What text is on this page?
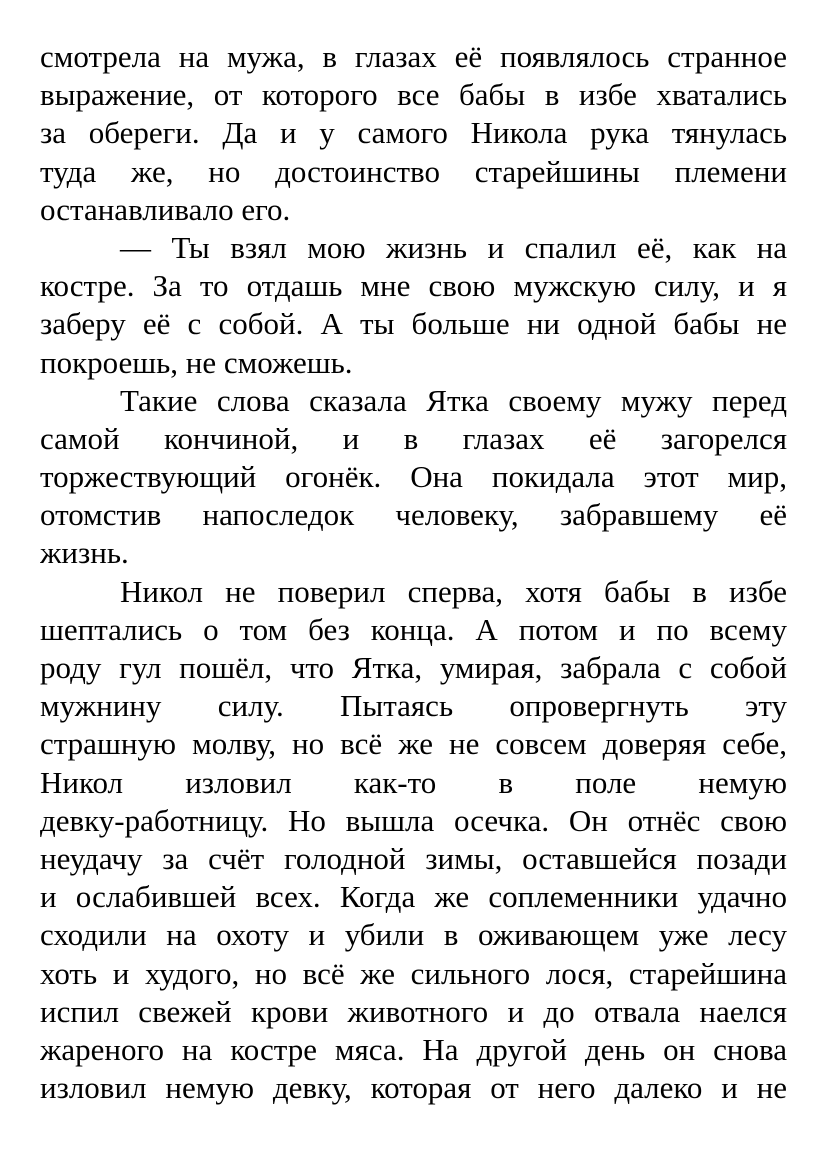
смотрела на мужа, в глазах её появлялось странное
выражение, от которого все бабы в избе хватались
за обереги. Да и у самого Никола рука тянулась
туда же, но достоинство старейшины племени
останавливало его.
— Ты взял мою жизнь и спалил её, как на
костре. За то отдашь мне свою мужскую силу, и я
заберу её с собой. А ты больше ни одной бабы не
покроешь, не сможешь.
Такие слова сказала Ятка своему мужу перед
самой кончиной, и в глазах её загорелся
торжествующий огонёк. Она покидала этот мир,
отомстив напоследок человеку, забравшему её
жизнь.
Никол не поверил сперва, хотя бабы в избе
шептались о том без конца. А потом и по всему
роду гул пошёл, что Ятка, умирая, забрала с собой
мужнину силу. Пытаясь опровергнуть эту
страшную молву, но всё же не совсем доверяя себе,
Никол изловил как-то в поле немую
девку-работницу. Но вышла осечка. Он отнёс свою
неудачу за счёт голодной зимы, оставшейся позади
и ослабившей всех. Когда же соплеменники удачно
сходили на охоту и убили в оживающем уже лесу
хоть и худого, но всё же сильного лося, старейшина
испил свежей крови животного и до отвала наелся
жареного на костре мяса. На другой день он снова
изловил немую девку, которая от него далеко и не
